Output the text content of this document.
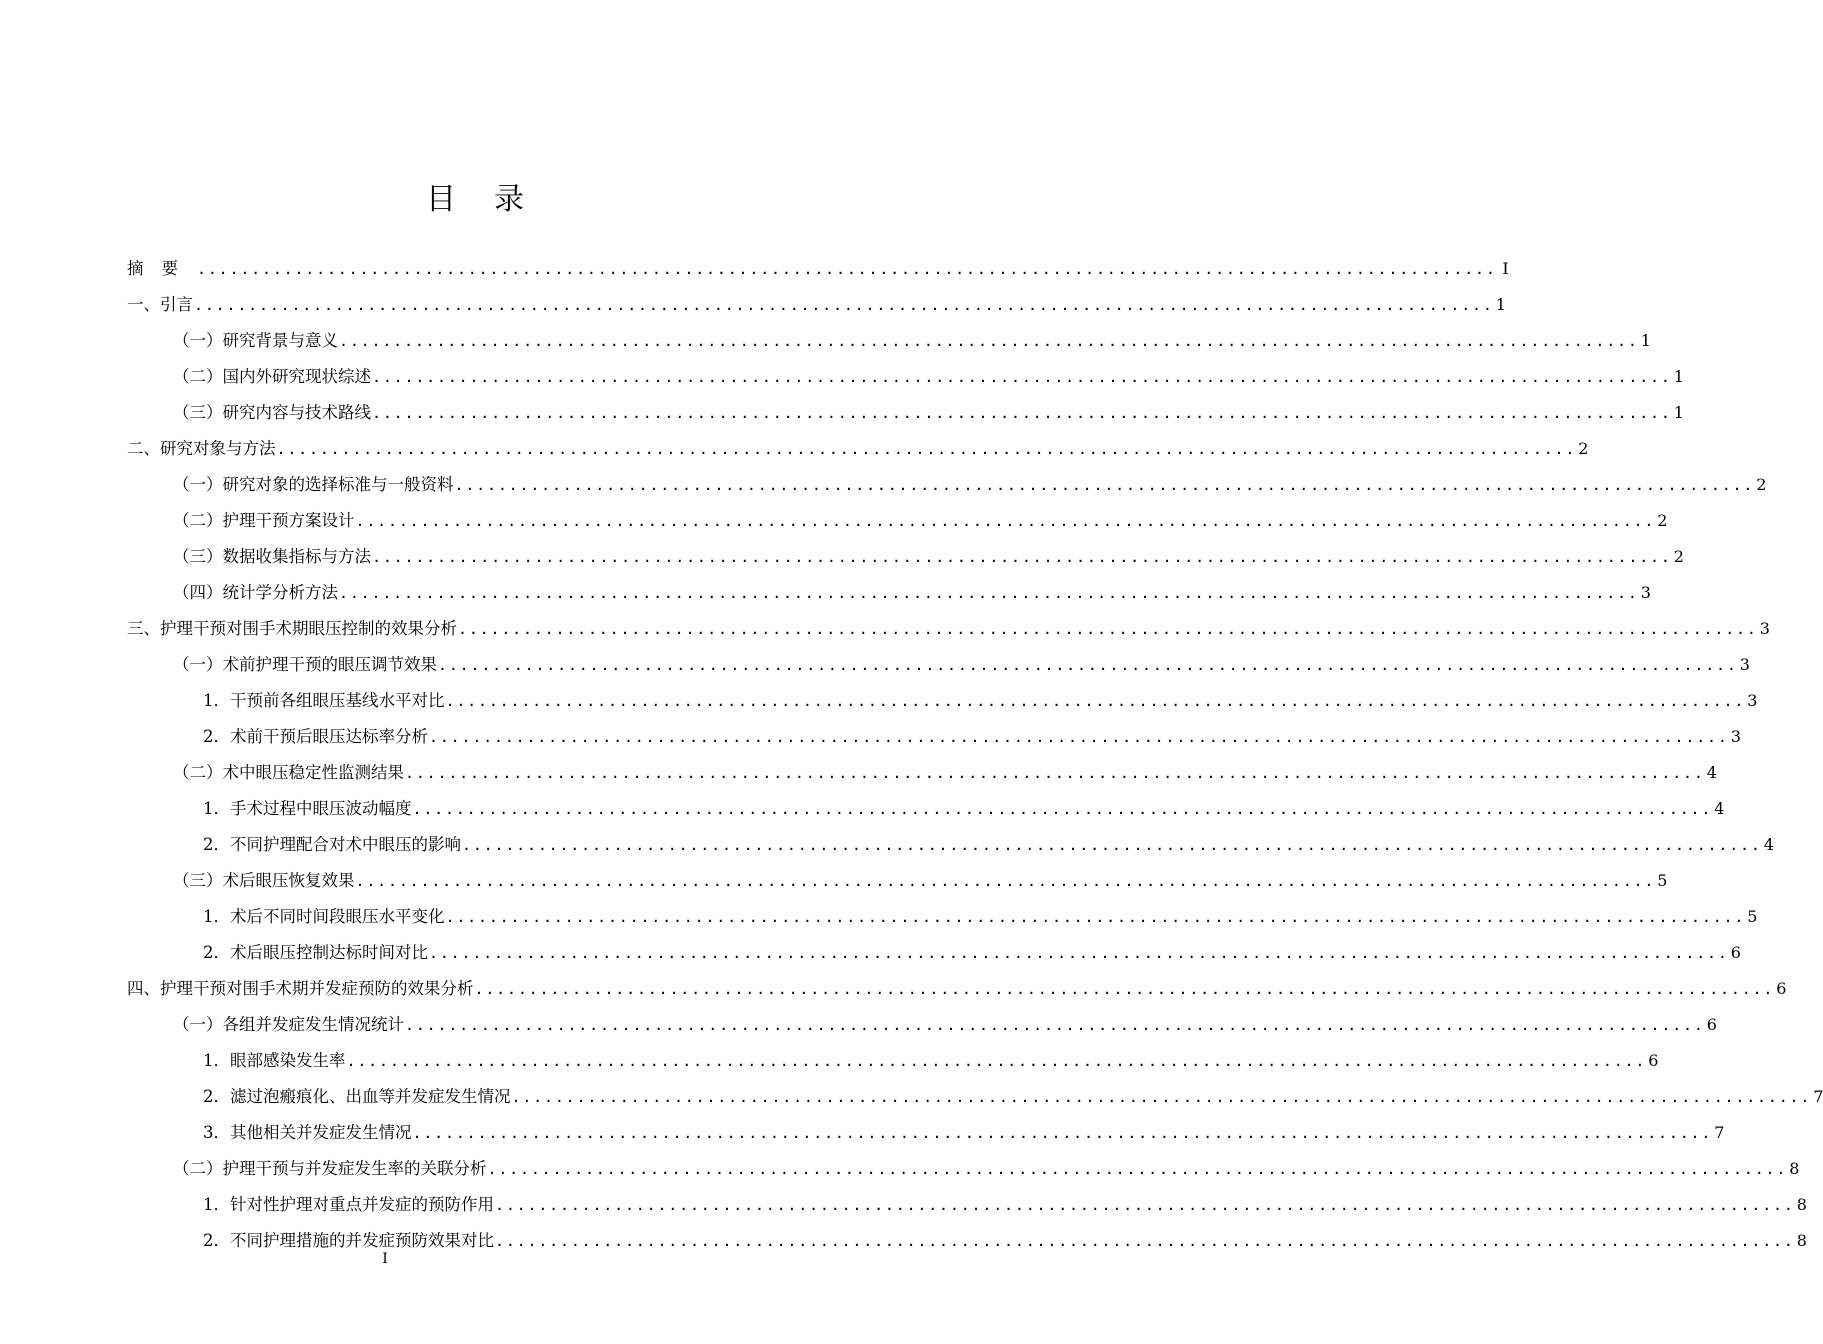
目录
摘要 ........................................................................................................................ I
一、引言 ........................................................................................................................ 1
（一）研究背景与意义 ........................................................................................................................ 1
（二）国内外研究现状综述 ........................................................................................................................ 1
（三）研究内容与技术路线 ........................................................................................................................ 1
二、研究对象与方法 ........................................................................................................................ 2
（一）研究对象的选择标准与一般资料 ........................................................................................................................ 2
（二）护理干预方案设计 ........................................................................................................................ 2
（三）数据收集指标与方法 ........................................................................................................................ 2
（四）统计学分析方法 ........................................................................................................................ 3
三、护理干预对围手术期眼压控制的效果分析 ........................................................................................................................ 3
（一）术前护理干预的眼压调节效果 ........................................................................................................................ 3
1．干预前各组眼压基线水平对比 ........................................................................................................................ 3
2．术前干预后眼压达标率分析 ........................................................................................................................ 3
（二）术中眼压稳定性监测结果 ........................................................................................................................ 4
1．手术过程中眼压波动幅度 ........................................................................................................................ 4
2．不同护理配合对术中眼压的影响 ........................................................................................................................ 4
（三）术后眼压恢复效果 ........................................................................................................................ 5
1．术后不同时间段眼压水平变化 ........................................................................................................................ 5
2．术后眼压控制达标时间对比 ........................................................................................................................ 6
四、护理干预对围手术期并发症预防的效果分析 ........................................................................................................................ 6
（一）各组并发症发生情况统计 ........................................................................................................................ 6
1．眼部感染发生率 ........................................................................................................................ 6
2．滤过泡瘢痕化、出血等并发症发生情况 ........................................................................................................................ 7
3．其他相关并发症发生情况 ........................................................................................................................ 7
（二）护理干预与并发症发生率的关联分析 ........................................................................................................................ 8
1．针对性护理对重点并发症的预防作用 ........................................................................................................................ 8
2．不同护理措施的并发症预防效果对比 ........................................................................................................................ 8
I
